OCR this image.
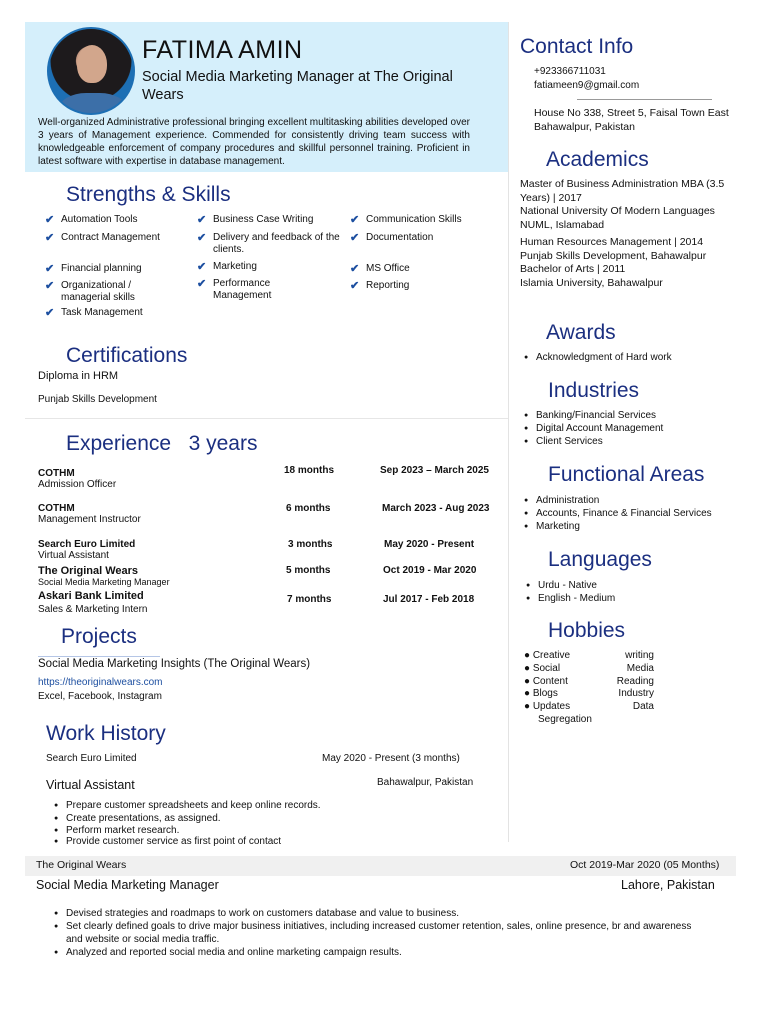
FATIMA AMIN
Social Media Marketing Manager at The Original Wears
Well-organized Administrative professional bringing excellent multitasking abilities developed over 3 years of Management experience. Commended for consistently driving team success with knowledgeable enforcement of company procedures and skillful personnel training. Proficient in latest software with expertise in database management.
Strengths & Skills
✔ Automation Tools
✔ Contract Management
✔ Financial planning
✔ Organizational / managerial skills
✔ Task Management
✔ Business Case Writing
✔ Delivery and feedback of the clients.
✔ Marketing
✔ Performance Management
✔ Communication Skills
✔ Documentation
✔ MS Office
✔ Reporting
Certifications
Diploma in HRM
Punjab Skills Development
Experience 3 years
COTHM
Admission Officer
18 months	Sep 2023 – March 2025
COTHM
Management Instructor
6 months	March 2023 - Aug 2023
Search Euro Limited
Virtual Assistant
3 months	May 2020 - Present
The Original Wears
Social Media Marketing Manager
5 months	Oct 2019 - Mar 2020
Askari Bank Limited
Sales & Marketing Intern
7 months	Jul 2017 - Feb 2018
Projects
Social Media Marketing Insights (The Original Wears)
https://theoriginalwears.com
Excel, Facebook, Instagram
Work History
Search Euro Limited	May 2020 - Present (3 months)
Virtual Assistant	Bahawalpur, Pakistan
● Prepare customer spreadsheets and keep online records.
● Create presentations, as assigned.
● Perform market research.
● Provide customer service as first point of contact
The Original Wears	Oct 2019-Mar 2020 (05 Months)
Social Media Marketing Manager	Lahore, Pakistan
● Devised strategies and roadmaps to work on customers database and value to business.
● Set clearly defined goals to drive major business initiatives, including increased customer retention, sales, online presence, br and awareness and website or social media traffic.
● Analyzed and reported social media and online marketing campaign results.
Contact Info
+923366711031
fatiameen9@gmail.com
House No 338, Street 5, Faisal Town East Bahawalpur, Pakistan
Academics
Master of Business Administration MBA (3.5 Years) | 2017
National University Of Modern Languages NUML, Islamabad
Human Resources Management | 2014
Punjab Skills Development, Bahawalpur
Bachelor of Arts | 2011
Islamia University, Bahawalpur
Awards
● Acknowledgment of Hard work
Industries
● Banking/Financial Services
● Digital Account Management
● Client Services
Functional Areas
● Administration
● Accounts, Finance & Financial Services
● Marketing
Languages
● Urdu - Native
● English - Medium
Hobbies
● Creative	writing
● Social	Media
● Content	Reading
● Blogs	Industry
● Updates	Data
Segregation
